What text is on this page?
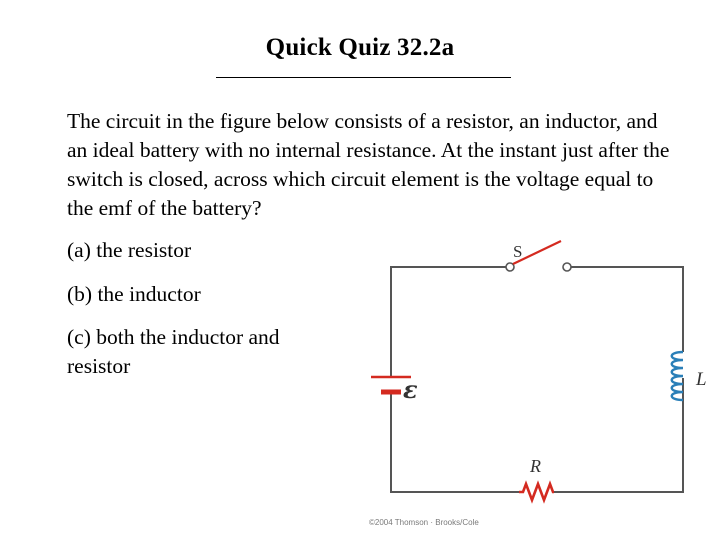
Quick Quiz 32.2a
The circuit in the figure below consists of a resistor, an inductor, and an ideal battery with no internal resistance. At the instant just after the switch is closed, across which circuit element is the voltage equal to the emf of the battery?
(a) the resistor
(b) the inductor
(c) both the inductor and resistor
S
ε	L
R
©2004 Thomson · Brooks/Cole
